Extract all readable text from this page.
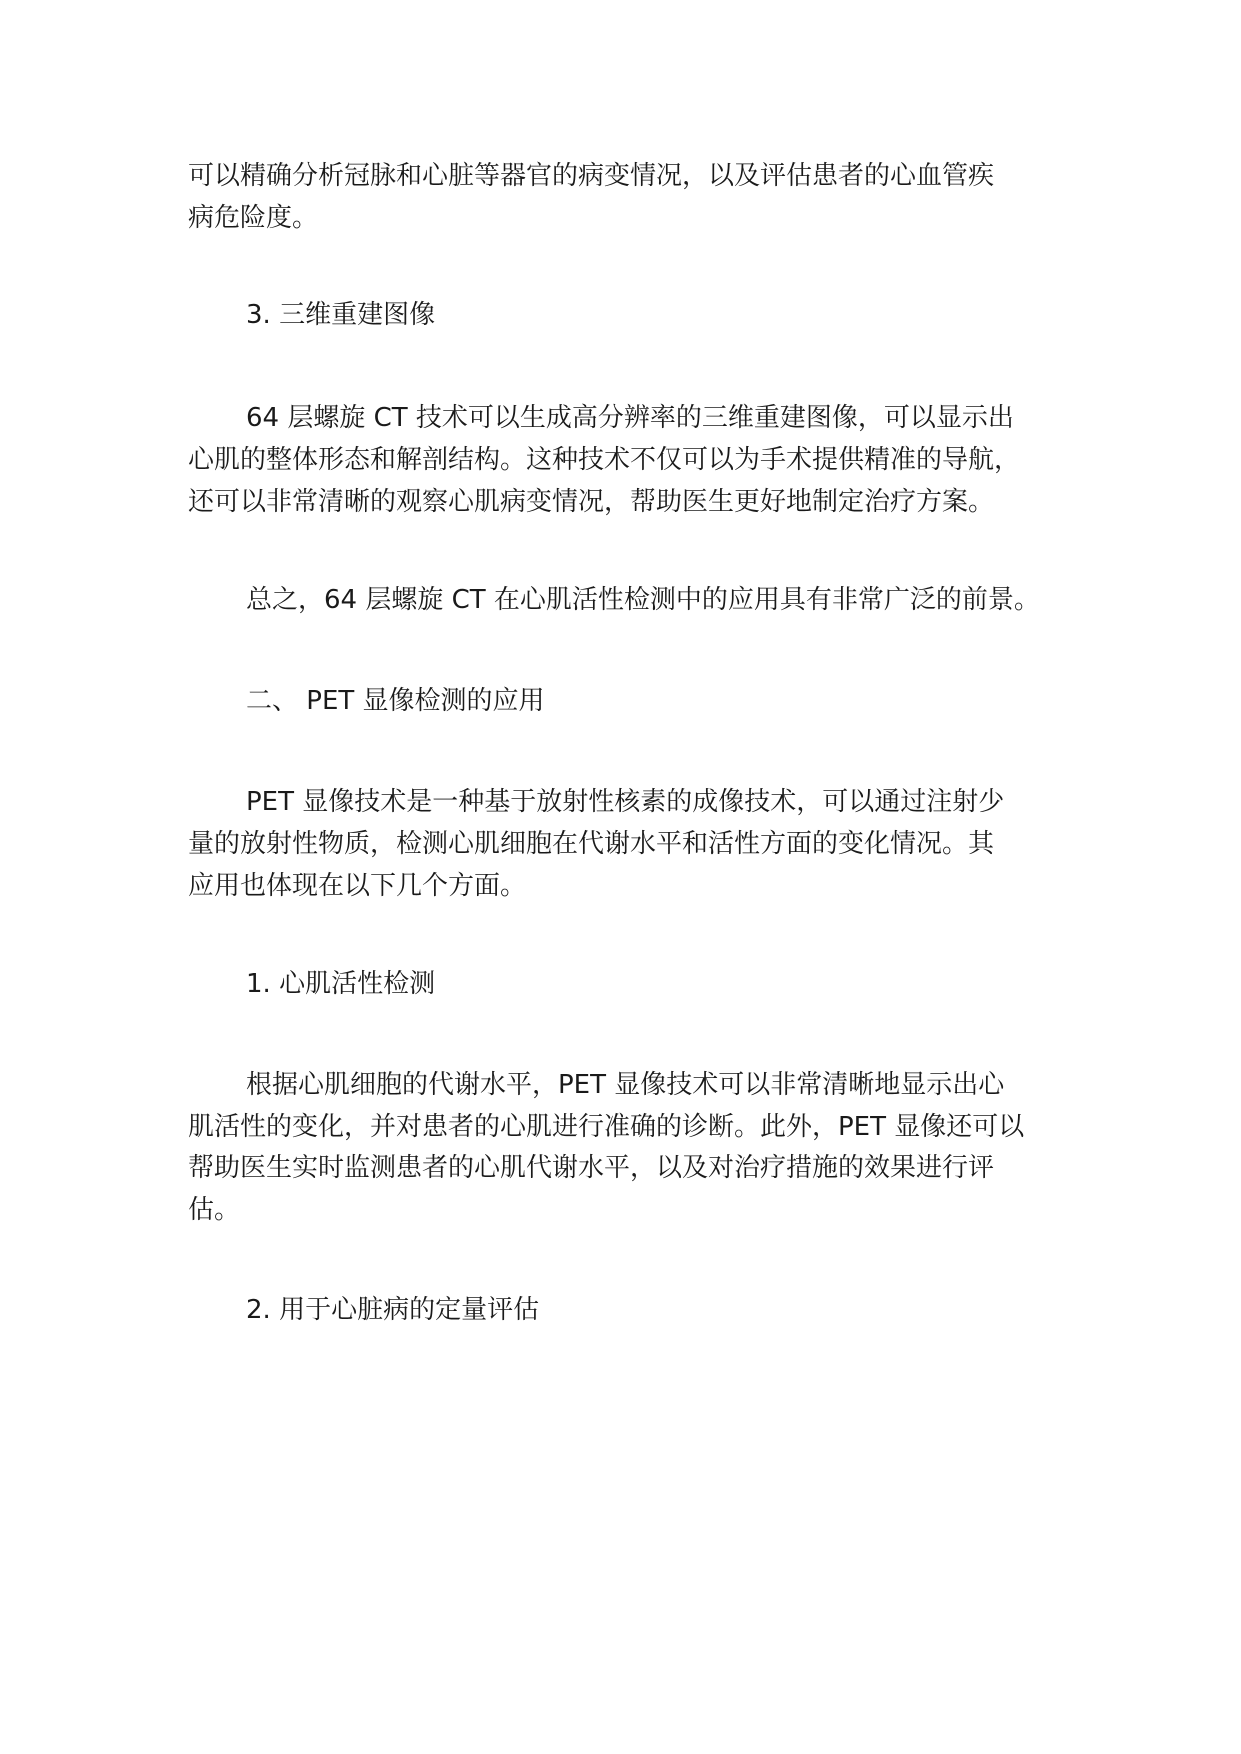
可以精确分析冠脉和心脏等器官的病变情况，以及评估患者的心血管疾
病危险度。
3. 三维重建图像
64 层螺旋 CT 技术可以生成高分辨率的三维重建图像，可以显示出
心肌的整体形态和解剖结构。这种技术不仅可以为手术提供精准的导航，
还可以非常清晰的观察心肌病变情况，帮助医生更好地制定治疗方案。
总之，64 层螺旋 CT 在心肌活性检测中的应用具有非常广泛的前景。
二、 PET 显像检测的应用
PET 显像技术是一种基于放射性核素的成像技术，可以通过注射少
量的放射性物质，检测心肌细胞在代谢水平和活性方面的变化情况。其
应用也体现在以下几个方面。
1. 心肌活性检测
根据心肌细胞的代谢水平，PET 显像技术可以非常清晰地显示出心
肌活性的变化，并对患者的心肌进行准确的诊断。此外，PET 显像还可以
帮助医生实时监测患者的心肌代谢水平，以及对治疗措施的效果进行评
估。
2. 用于心脏病的定量评估
